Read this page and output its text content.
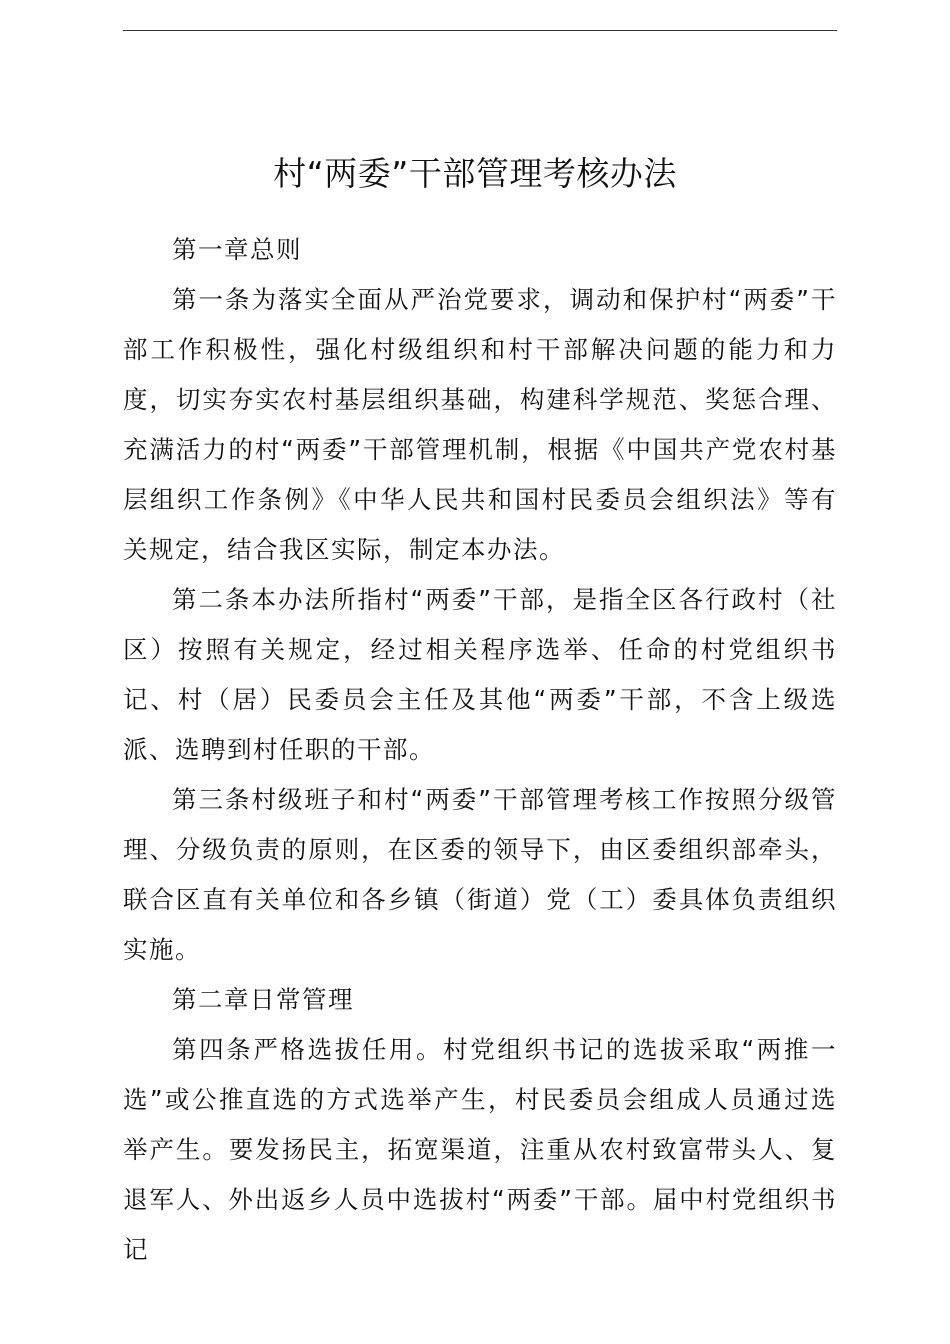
村“两委”干部管理考核办法

第一章总则

第一条为落实全面从严治党要求，调动和保护村“两委”干部工作积极性，强化村级组织和村干部解决问题的能力和力度，切实夯实农村基层组织基础，构建科学规范、奖惩合理、充满活力的村“两委”干部管理机制，根据《中国共产党农村基层组织工作条例》《中华人民共和国村民委员会组织法》等有关规定，结合我区实际，制定本办法。

第二条本办法所指村“两委”干部，是指全区各行政村（社区）按照有关规定，经过相关程序选举、任命的村党组织书记、村（居）民委员会主任及其他“两委”干部，不含上级选派、选聘到村任职的干部。

第三条村级班子和村“两委”干部管理考核工作按照分级管理、分级负责的原则，在区委的领导下，由区委组织部牵头，联合区直有关单位和各乡镇（街道）党（工）委具体负责组织实施。

第二章日常管理

第四条严格选拔任用。村党组织书记的选拔采取“两推一选”或公推直选的方式选举产生，村民委员会组成人员通过选举产生。要发扬民主，拓宽渠道，注重从农村致富带头人、复退军人、外出返乡人员中选拔村“两委”干部。届中村党组织书记
